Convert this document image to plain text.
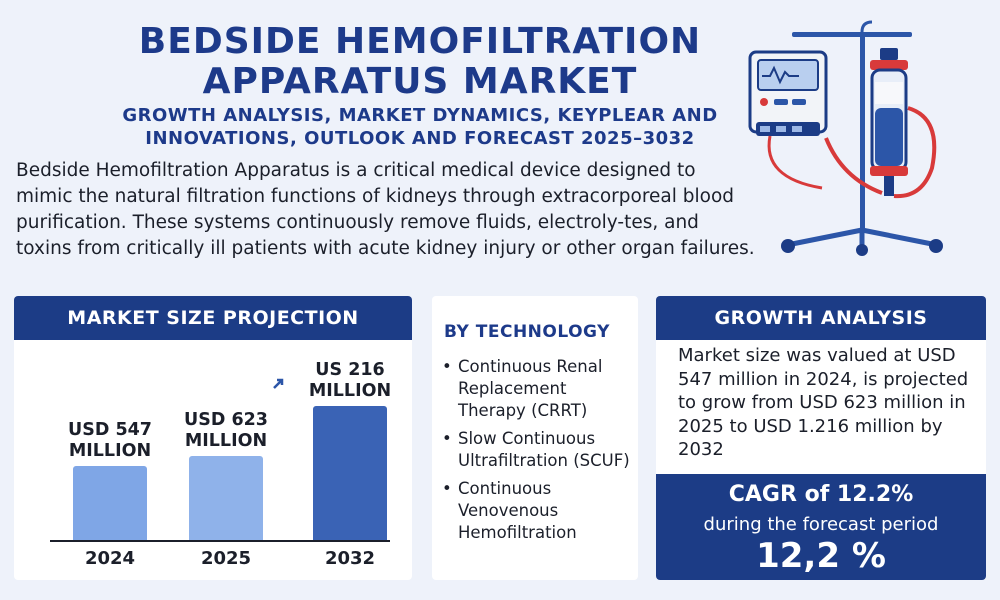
BEDSIDE HEMOFILTRATION APPARATUS MARKET
GROWTH ANALYSIS, MARKET DYNAMICS, KEYPLEAR AND INNOVATIONS, OUTLOOK AND FORECAST 2025–3032
Bedside Hemofiltration Apparatus is a critical medical device designed to mimic the natural filtration functions of kidneys through extracorporeal blood purification. These systems continuously remove fluids, electroly-tes, and toxins from critically ill patients with acute kidney injury or other organ failures.
MARKET SIZE PROJECTION
USD 547 MILLION
2024
USD 623 MILLION
2025
US 216 MILLION
2032
BY TECHNOLOGY
• Continuous Renal Replacement Therapy (CRRT)
• Slow Continuous Ultrafiltration (SCUF)
• Continuous Venovenous Hemofiltration
GROWTH ANALYSIS
Market size was valued at USD 547 million in 2024, is projected to grow from USD 623 million in 2025 to USD 1.216 million by 2032
CAGR of 12.2%
during the forecast period
12,2 %
